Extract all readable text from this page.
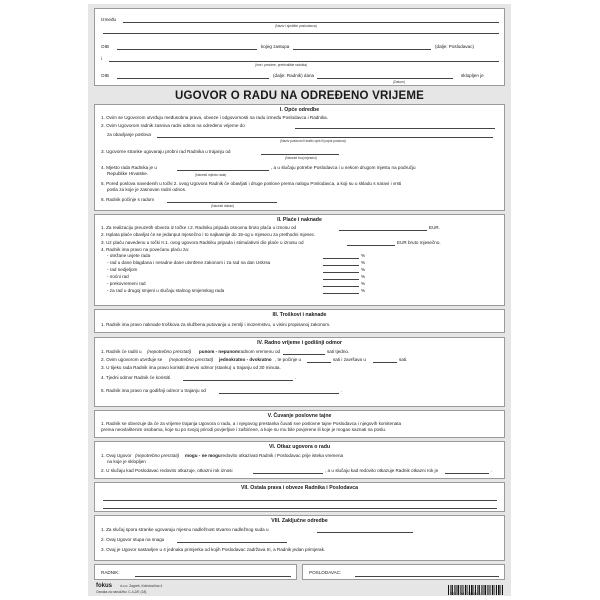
Između
(Naziv i sjedište poslodavca)
OIB	kojeg zastupa	(dalje: Poslodavac)
i
(Ime i prezime, prebivalište radnika)
OIB	(dalje: Radnik) dana
(Datum)
sklopljen je
UGOVOR O RADU NA ODREĐENO VRIJEME
I. Opće odredbe
1. Ovim se Ugovorom utvrđuju međusobna prava, obveze i odgovornosti na radu između Poslodavca i Radnika.
2. Ovim Ugovorom radnik zasniva radni odnos na određeno vrijeme do
za obavljanje poslova
(Naziv poslova ili kratki opis ili popis poslova)
3. Ugovorne stranke ugovaraju probni rad Radnika u trajanju od
(Navesti broj mjeseci)
4. Mjesto rada Radnika je u	, a u slučaju potrebe Poslodavca i u nekom drugom mjestu na području
Republike Hrvatske.	(Navesti mjesto rada)
5. Pored poslova navedenih u točki 2. ovog Ugovora Radnik će obavljati i druge poslove prema nalogu Poslodavca, a koji su u skladu s naravi i vrsti
posla za koje je zasnovan radni odnos.
6. Radnik počinje s radom
(Navesti datum)
II. Plaće i naknade
1. Za realizaciju preuzetih obveza iz točke I.2. Radniku pripada osnovna bruto plaća u iznosu od	EUR.
2. Isplata plaće obavljat će se jedanput mjesečno i to najkasnije do 15-og u mjesecu za prethodni mjesec.
3. Uz plaću navedenu u točki II.1. ovog ugovora Radniku pripada i stimulativni dio plaće u iznosu od	EUR bruto mjesečno.
4. Radnik ima pravo na povećanu plaću za:
- otežane uvjete rada	%
- rad u dane blagdana i neradne dane utvrđene zakonom i za rad na dan Uskrsa	%
- rad nedjeljom	%
- noćni rad	%
- prekovremeni rad	%
- za rad u drugoj smjeni u slučaju stalnog smjenskog rada	%
III. Troškovi i naknade
1. Radnik ima pravo naknade troškova za službena putovanja u zemlji i inozemstvu, u visini propisanoj zakonom.
IV. Radno vrijeme i godišnji odmor
1. Radnik će raditi u (nepotrebno precrtati) punom - nepunom radnom vremenu od	sati tjedno.
2. Ovim ugovorom utvrđuje se (nepotrebno precrtati) jednokratno - dvokratno , te počinje u	sati i završava u	sati.
3. U tijeku rada Radnik ima pravo koristiti dnevni odmor (stanku) u trajanju od 30 minuta.
4. Tjedni odmor Radnik će koristiti	.
5. Radnik ima pravo na godišnji odmor u trajanju od	.
V. Čuvanje poslovne tajne
1. Radnik se obvezuje da će za vrijeme trajanja Ugovora o radu, a i njegovog prestanka čuvati sve poslovne tajne Poslodavca i njegovih komitenata
prema neovlaštenim osobama, koje su po svojoj prirodi povjerljive i zaštićene, a koje su mu bile povjerene ili koje je mogao saznati na poslu.
VI. Otkaz ugovora o radu
1. Ovaj Ugovor (nepotrebno precrtati) mogu - ne mogu redovito otkazivati Radnik i Poslodavac prije isteka vremena
na koje je sklopljen
2. U slučaju kad Poslodavac redovito otkazuje, otkazni rok iznosi	, a u slučaju kad redovito otkazuje Radnik otkazni rok je	.
VII. Ostala prava i obveze Radnika i Poslodavca
VIII. Zaključne odredbe
1. Za slučaj spora stranke ugovaraju mjesnu nadležnost stvarno nadležnog suda u
2. Ovaj Ugovor stupa na snagu
3. Ovaj je Ugovor sastavljen u 4 jednaka primjerka od kojih Poslodavac zadržava tri, a Radnik jedan primjerak.
RADNIK:	POSLODAVAC:
fokus d.o.o. Zagreb, Koledovčina 4
Oznaka za narudžbu: C-4-2/E (18)	3850042211168
